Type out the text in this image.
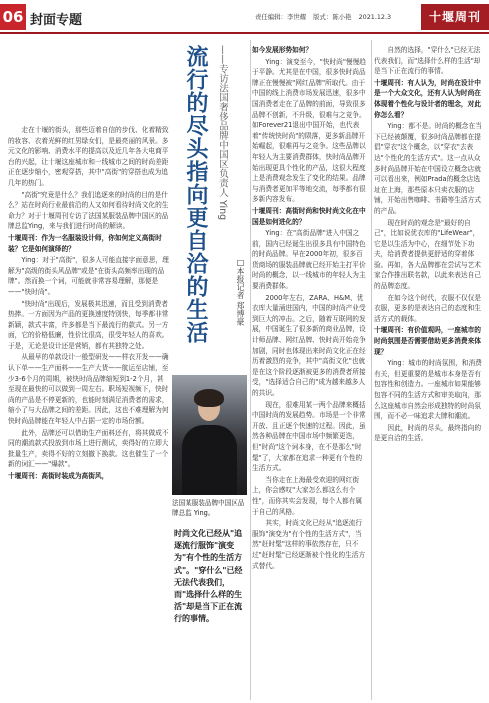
06 封面专题	责任编辑：李世耀 版式：陈小艳 2021.12.3	十堰周刊
流行的尽头指向更自洽的生活 ——专访法国奢侈品牌中国区负责人 Ying
□本报记者 郑博豪

走在十堰的街头，那些迈着自信的步伐、化着精致的妆容、衣着光鲜的红男绿女们，是最亮丽的风景。多元文化的影响、消费水平的提高以及近几年各大电商平台的兴起，让十堰这座城市和一线城市之间的时尚差距正在逐步缩小，密观穿搭，其中"高街"的穿搭也成为追几年的热门。

"高街"究竟是什么？我们追逐来的时尚的目的是什么？站在时尚行业最前沿的人又如何看待时尚文化的生命力？对于十堰周刊专访了法国某服装品牌中国区的品牌总监Ying，来与我们进行时尚的解读。

十堰周刊：作为一名服装设计师，你如何定义高街时装？它是如何演绎的？

Ying：对于"高街"，很多人可能直接字面意思，理解为"高级的街头风品牌"或是"在街头高频率出现的品牌"。然而换一个词，可能就非常容易理解，那便是——"快时尚"。

"快时尚"出现后，发展极其迅速，而且受到消费者热捧。一方面因为产品的更换速度特别快，每季都非常新颖，款式丰富，许多都是当下最流行的款式。另一方面，它的价格低廉，性价比很高，很受年轻人的喜欢。于是，无论是设计还是营销，都有其独特之处。

从最早的单款设计一般型研发——样衣开发——确认下单——生产面料——生产大货——航运至店铺，至少3-6个月的周期，被快时尚品牌缩短到1-2个月，甚至现在最快的可以做到一周左右。职场短视频下，快时尚的产品是不停更新的，也能时刻满足消费者的需求，缩小了与大品牌之间的差距。因此，这也不难理解为何快时尚品牌能在年轻人中占据一定的市场份额。

此外，品牌还可以借助生产面料还有，将其做成不同的潮流款式投放到市场上进行测试，卖得好的立即大批量生产，卖得不好的立刻撤下换款。这也催生了一个新的词汇——"爆款"。

十堰周刊：高街时装成为高街风，

如今发展形势如何？

Ying：演变至今，"快时尚"慢慢趋于平静。尤其是在中国，很多快时尚品牌正在慢慢被"网红品牌"所取代。由于中国的线上消费市场发展迅速，很多中国消费者走在了品牌的前面，导致很多品牌不创新，不升级，很难与之竞争。如Forever21退出中国开始，也代表着"传统快时尚"的陨落，更多新品牌开始崛起，很难再与之竞争。这些品牌以年轻人为主要消费群体，快时尚品牌开始出现更具个性化的产品，这很大程度上是消费观念发生了变化的结果。品牌与消费者更加平等地交流，每季都有很多新内容发布。

十堰周刊：高街时尚和快时尚文化在中国是如何进化的？

Ying：在"高街品牌"进入中国之前，国内已经诞生出很多具有中国特色的时尚品牌。早在2000年初，很多百货商场的服装品牌就已经开始主打平价时尚的概念，以一线城市的年轻人为主要消费群体。

2000年左右，ZARA、H&M、优衣库大量涌进国内，中国的时尚产业受到巨大的冲击。之后，随着互联网的发展，中国诞生了很多新的商业品牌，设计师品牌、网红品牌、快时尚开始竞争加剧，同时也体现出来时尚文化正在经历着激烈的竞争，其中"高街文化"也就是在这个阶段逐渐被更多的消费者所接受，"选择适合自己的"成为越来越多人的共识。

现在，很难用某一两个品牌来概括中国时尚的发展趋势。市场是一个非常开放、且正逐个快速的过程。因此，虽然各种品牌在中国市场中频繁更迭，但"时尚"这个词本身，在不是那么"时髦"了，大家都在追求一种更有个性的生活方式。

当你走在上海最受欢迎的网红街上，你会感叹"大家怎么都这么有个性"，而你其实会发现，每个人都有属于自己的风格。

其实，时尚文化已经从"追逐流行服饰"演变为"有个性的生活方式"，当然"赶时髦"这样的事依然存在，只不过"赶时髦"已经逐渐被个性化的生活方式替代。

自然的选择，"穿什么"已经无法代表我们，而"选择什么样的生活"却是当下正在流行的事情。

十堰周刊：有人认为，时尚在设计中是一个大众文化，还有人认为时尚在体现着个性化与设计者的理念，对此你怎么看？

Ying：都不是。时尚的概念在当下已经被颠覆，很多时尚品牌都在提倡"穿衣"这个概念，以"穿衣"去表达"个性化的生活方式"。这一点从众多时尚品牌开始在中国设立概念店就可以看出来，例如Prada的概念店选址在上海，那些原本只卖衣服的店铺，开始出售咖啡、书籍等生活方式的产品。

现在时尚的观念是"最好的自己"，比如说优衣库的"LifeWear"，它是以生活为中心，在细节处下功夫，给消费者提供更舒适的穿着体验。再如，各大品牌都在尝试与艺术家合作推出联名款，以此来表达自己的品牌态度。

在如今这个时代，衣服不仅仅是衣服，更多的是表达自己的态度和生活方式的载体。

十堰周刊：有价值观吗，一座城市的时尚氛围是否需要借助更多消费来体现？

Ying：城市的时尚氛围，和消费有关，但更重要的是城市本身是否有包容性和创造力。一座城市如果能够包容不同的生活方式和审美取向，那么这座城市自然会形成独特的时尚氛围，而不必一味追求大牌和潮流。

因此，时尚的尽头，最终指向的是更自洽的生活。

法国某服装品牌中国区品牌总监 Ying。
时尚文化已经从"追逐流行服饰"演变为"有个性的生活方式"。"穿什么"已经无法代表我们，而"选择什么样的生活"却是当下正在流行的事情。
